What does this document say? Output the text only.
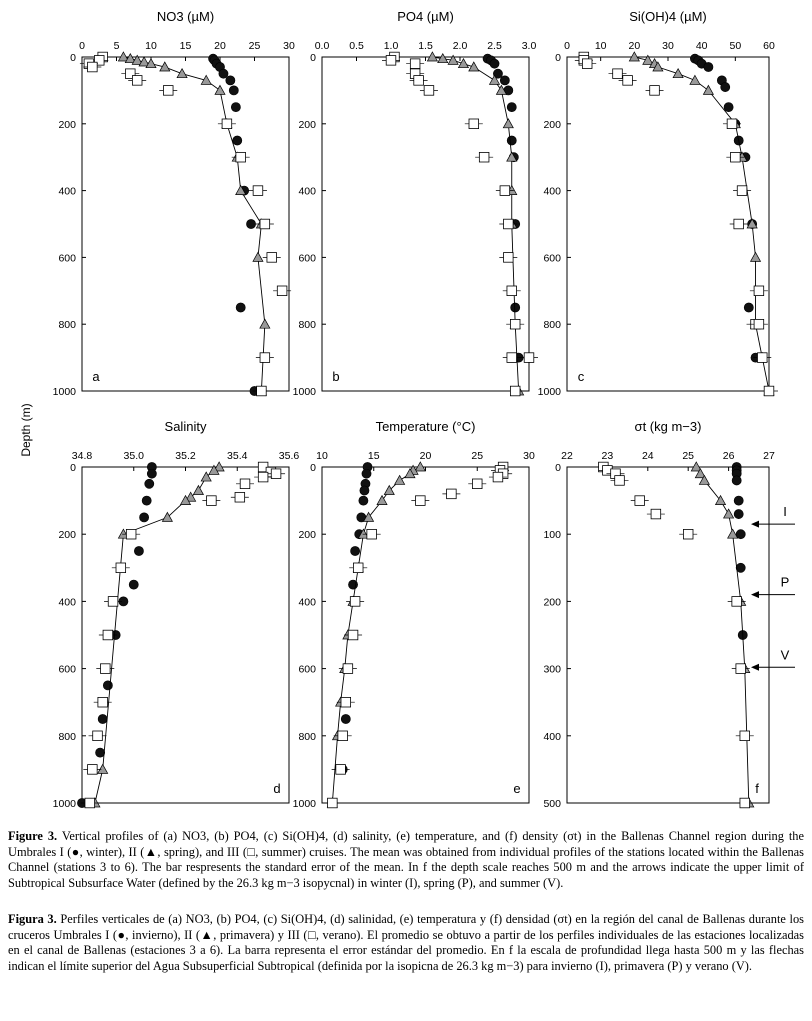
Depth (m)
NO3 (µM)
0	5 10 15 20 25 30
0
200
400
600
800
1000
a
PO4 (µM)
0.0 0.5 1.0 1.5 2.0 2.5 3.0
0
200
400
600
800
1000
b
Si(OH)4 (µM)
0 10 20 30 40 50 60
0
200
400
600
800
1000
c
Salinity
34.8	35.0	35.2	35.4	35.6
0
200
400
600
800
1000
d
Temperature (°C)
10	15	20	25	30
0
200
400
600
800
1000
e
σt (kg m−3)
22	23	24	25	26	27
0
100
200
300
400
500
f
I
P
V
Figure 3. Vertical profiles of (a) NO3, (b) PO4, (c) Si(OH)4, (d) salinity, (e) temperature, and (f) density (σt) in the Ballenas Channel region during the Umbrales I (●, winter), II (▲, spring), and III (□, summer) cruises. The mean was obtained from individual profiles of the stations located within the Ballenas Channel (stations 3 to 6). The bar respresents the standard error of the mean. In f the depth scale reaches 500 m and the arrows indicate the upper limit of Subtropical Subsurface Water (defined by the 26.3 kg m−3 isopycnal) in winter (I), spring (P), and summer (V).
Figura 3. Perfiles verticales de (a) NO3, (b) PO4, (c) Si(OH)4, (d) salinidad, (e) temperatura y (f) densidad (σt) en la región del canal de Ballenas durante los cruceros Umbrales I (●, invierno), II (▲, primavera) y III (□, verano). El promedio se obtuvo a partir de los perfiles individuales de las estaciones localizadas en el canal de Ballenas (estaciones 3 a 6). La barra representa el error estándar del promedio. En f la escala de profundidad llega hasta 500 m y las flechas indican el límite superior del Agua Subsuperficial Subtropical (definida por la isopicna de 26.3 kg m−3) para invierno (I), primavera (P) y verano (V).
